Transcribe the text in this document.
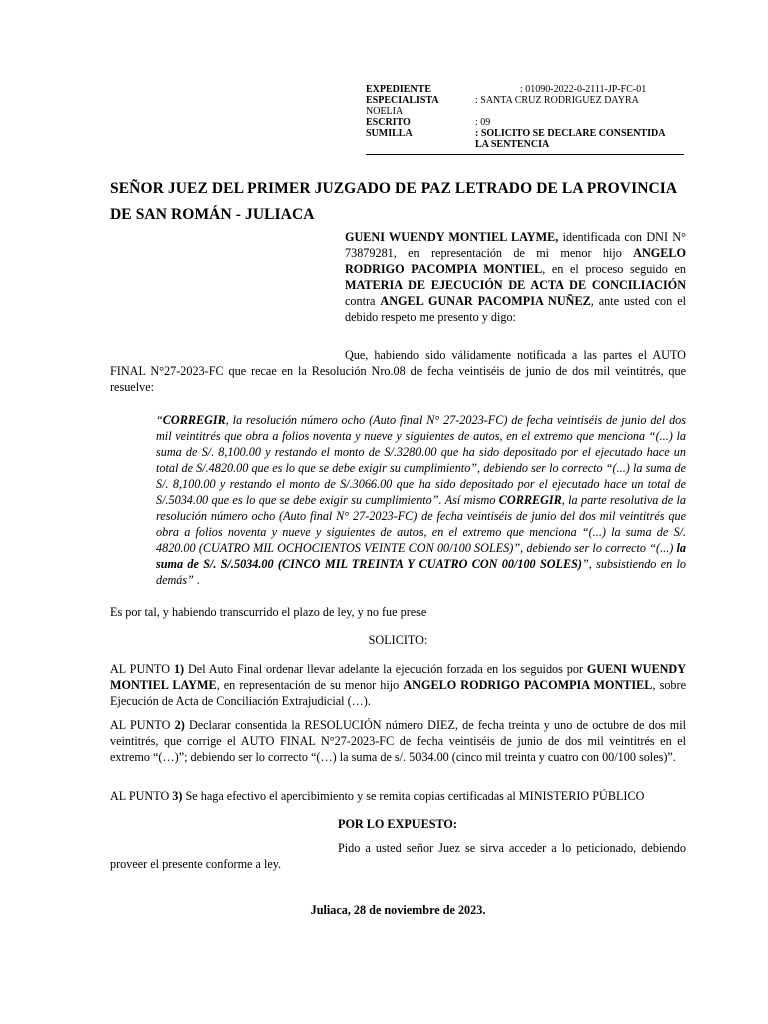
EXPEDIENTE	: 01090-2022-0-2111-JP-FC-01
ESPECIALISTA	: SANTA CRUZ RODRIGUEZ DAYRA
NOELIA
ESCRITO	: 09
SUMILLA	: SOLICITO SE DECLARE CONSENTIDA
LA SENTENCIA
SEÑOR JUEZ DEL PRIMER JUZGADO DE PAZ LETRADO DE LA PROVINCIA DE SAN ROMÁN - JULIACA
GUENI WUENDY MONTIEL LAYME, identificada con DNI N° 73879281, en representación de mi menor hijo ANGELO RODRIGO PACOMPIA MONTIEL, en el proceso seguido en MATERIA DE EJECUCIÓN DE ACTA DE CONCILIACIÓN contra ANGEL GUNAR PACOMPIA NUÑEZ, ante usted con el debido respeto me presento y digo:
Que, habiendo sido válidamente notificada a las partes el AUTO FINAL N°27-2023-FC que recae en la Resolución Nro.08 de fecha veintiséis de junio de dos mil veintitrés, que resuelve:
“CORREGIR, la resolución número ocho (Auto final N° 27-2023-FC) de fecha veintiséis de junio del dos mil veintitrés que obra a folios noventa y nueve y siguientes de autos, en el extremo que menciona “(...) la suma de S/. 8,100.00 y restando el monto de S/.3280.00 que ha sido depositado por el ejecutado hace un total de S/.4820.00 que es lo que se debe exigir su cumplimiento”, debiendo ser lo correcto “(...) la suma de S/. 8,100.00 y restando el monto de S/.3066.00 que ha sido depositado por el ejecutado hace un total de S/.5034.00 que es lo que se debe exigir su cumplimiento”. Así mismo CORREGIR, la parte resolutiva de la resolución número ocho (Auto final N° 27-2023-FC) de fecha veintiséis de junio del dos mil veintitrés que obra a folios noventa y nueve y siguientes de autos, en el extremo que menciona “(...) la suma de S/. 4820.00 (CUATRO MIL OCHOCIENTOS VEINTE CON 00/100 SOLES)”, debiendo ser lo correcto “(...) la suma de S/. S/.5034.00 (CINCO MIL TREINTA Y CUATRO CON 00/100 SOLES)”, subsistiendo en lo demás” .
Es por tal, y habiendo transcurrido el plazo de ley, y no fue prese
SOLICITO:
AL PUNTO 1) Del Auto Final ordenar llevar adelante la ejecución forzada en los seguidos por GUENI WUENDY MONTIEL LAYME, en representación de su menor hijo ANGELO RODRIGO PACOMPIA MONTIEL, sobre Ejecución de Acta de Conciliación Extrajudicial (…).
AL PUNTO 2) Declarar consentida la RESOLUCIÓN número DIEZ, de fecha treinta y uno de octubre de dos mil veintitrés, que corrige el AUTO FINAL N°27-2023-FC de fecha veintiséis de junio de dos mil veintitrés en el extremo “(…)”; debiendo ser lo correcto “(…) la suma de s/. 5034.00 (cinco mil treinta y cuatro con 00/100 soles)”.
AL PUNTO 3) Se haga efectivo el apercibimiento y se remita copias certificadas al MINISTERIO PÚBLICO
POR LO EXPUESTO:
Pido a usted señor Juez se sirva acceder a lo peticionado, debiendo proveer el presente conforme a ley.
Juliaca, 28 de noviembre de 2023.
